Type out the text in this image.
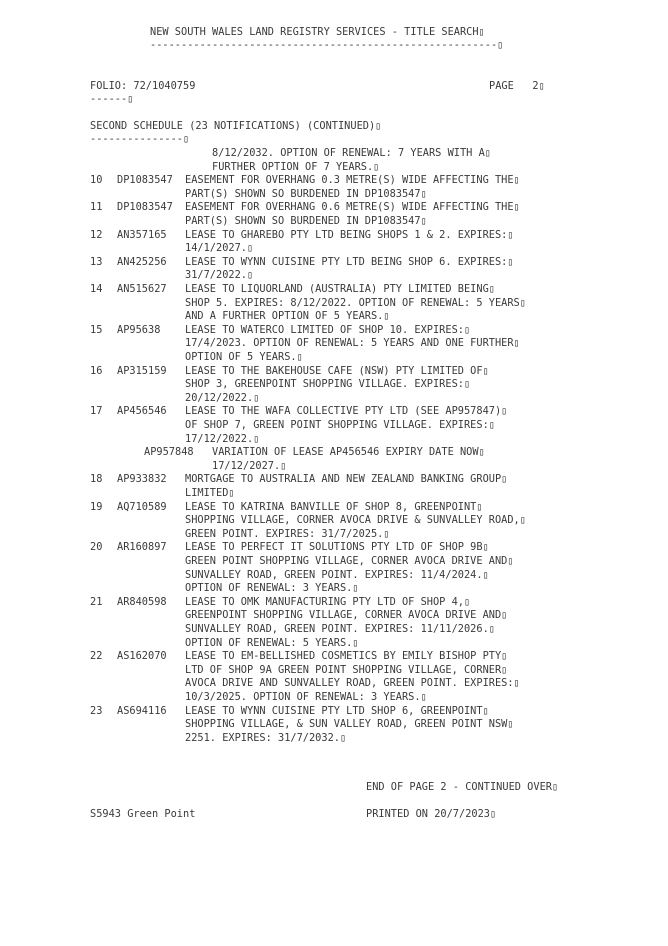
NEW SOUTH WALES LAND REGISTRY SERVICES - TITLE SEARCH▯
--------------------------------------------------------▯
FOLIO: 72/1040759	PAGE   2▯
------▯
SECOND SCHEDULE (23 NOTIFICATIONS) (CONTINUED)▯
---------------▯
8/12/2032. OPTION OF RENEWAL: 7 YEARS WITH A▯
FURTHER OPTION OF 7 YEARS.▯
10 DP1083547 EASEMENT FOR OVERHANG 0.3 METRE(S) WIDE AFFECTING THE▯
PART(S) SHOWN SO BURDENED IN DP1083547▯
11 DP1083547 EASEMENT FOR OVERHANG 0.6 METRE(S) WIDE AFFECTING THE▯
PART(S) SHOWN SO BURDENED IN DP1083547▯
12 AN357165 LEASE TO GHAREBO PTY LTD BEING SHOPS 1 & 2. EXPIRES:▯
14/1/2027.▯
13 AN425256 LEASE TO WYNN CUISINE PTY LTD BEING SHOP 6. EXPIRES:▯
31/7/2022.▯
14 AN515627 LEASE TO LIQUORLAND (AUSTRALIA) PTY LIMITED BEING▯
SHOP 5. EXPIRES: 8/12/2022. OPTION OF RENEWAL: 5 YEARS▯
AND A FURTHER OPTION OF 5 YEARS.▯
15 AP95638 LEASE TO WATERCO LIMITED OF SHOP 10. EXPIRES:▯
17/4/2023. OPTION OF RENEWAL: 5 YEARS AND ONE FURTHER▯
OPTION OF 5 YEARS.▯
16 AP315159 LEASE TO THE BAKEHOUSE CAFE (NSW) PTY LIMITED OF▯
SHOP 3, GREENPOINT SHOPPING VILLAGE. EXPIRES:▯
20/12/2022.▯
17 AP456546 LEASE TO THE WAFA COLLECTIVE PTY LTD (SEE AP957847)▯
OF SHOP 7, GREEN POINT SHOPPING VILLAGE. EXPIRES:▯
17/12/2022.▯
AP957848 VARIATION OF LEASE AP456546 EXPIRY DATE NOW▯
17/12/2027.▯
18 AP933832 MORTGAGE TO AUSTRALIA AND NEW ZEALAND BANKING GROUP▯
LIMITED▯
19 AQ710589 LEASE TO KATRINA BANVILLE OF SHOP 8, GREENPOINT▯
SHOPPING VILLAGE, CORNER AVOCA DRIVE & SUNVALLEY ROAD,▯
GREEN POINT. EXPIRES: 31/7/2025.▯
20 AR160897 LEASE TO PERFECT IT SOLUTIONS PTY LTD OF SHOP 9B▯
GREEN POINT SHOPPING VILLAGE, CORNER AVOCA DRIVE AND▯
SUNVALLEY ROAD, GREEN POINT. EXPIRES: 11/4/2024.▯
OPTION OF RENEWAL: 3 YEARS.▯
21 AR840598 LEASE TO OMK MANUFACTURING PTY LTD OF SHOP 4,▯
GREENPOINT SHOPPING VILLAGE, CORNER AVOCA DRIVE AND▯
SUNVALLEY ROAD, GREEN POINT. EXPIRES: 11/11/2026.▯
OPTION OF RENEWAL: 5 YEARS.▯
22 AS162070 LEASE TO EM-BELLISHED COSMETICS BY EMILY BISHOP PTY▯
LTD OF SHOP 9A GREEN POINT SHOPPING VILLAGE, CORNER▯
AVOCA DRIVE AND SUNVALLEY ROAD, GREEN POINT. EXPIRES:▯
10/3/2025. OPTION OF RENEWAL: 3 YEARS.▯
23 AS694116 LEASE TO WYNN CUISINE PTY LTD SHOP 6, GREENPOINT▯
SHOPPING VILLAGE, & SUN VALLEY ROAD, GREEN POINT NSW▯
2251. EXPIRES: 31/7/2032.▯
END OF PAGE 2 - CONTINUED OVER▯
S5943 Green Point	PRINTED ON 20/7/2023▯
